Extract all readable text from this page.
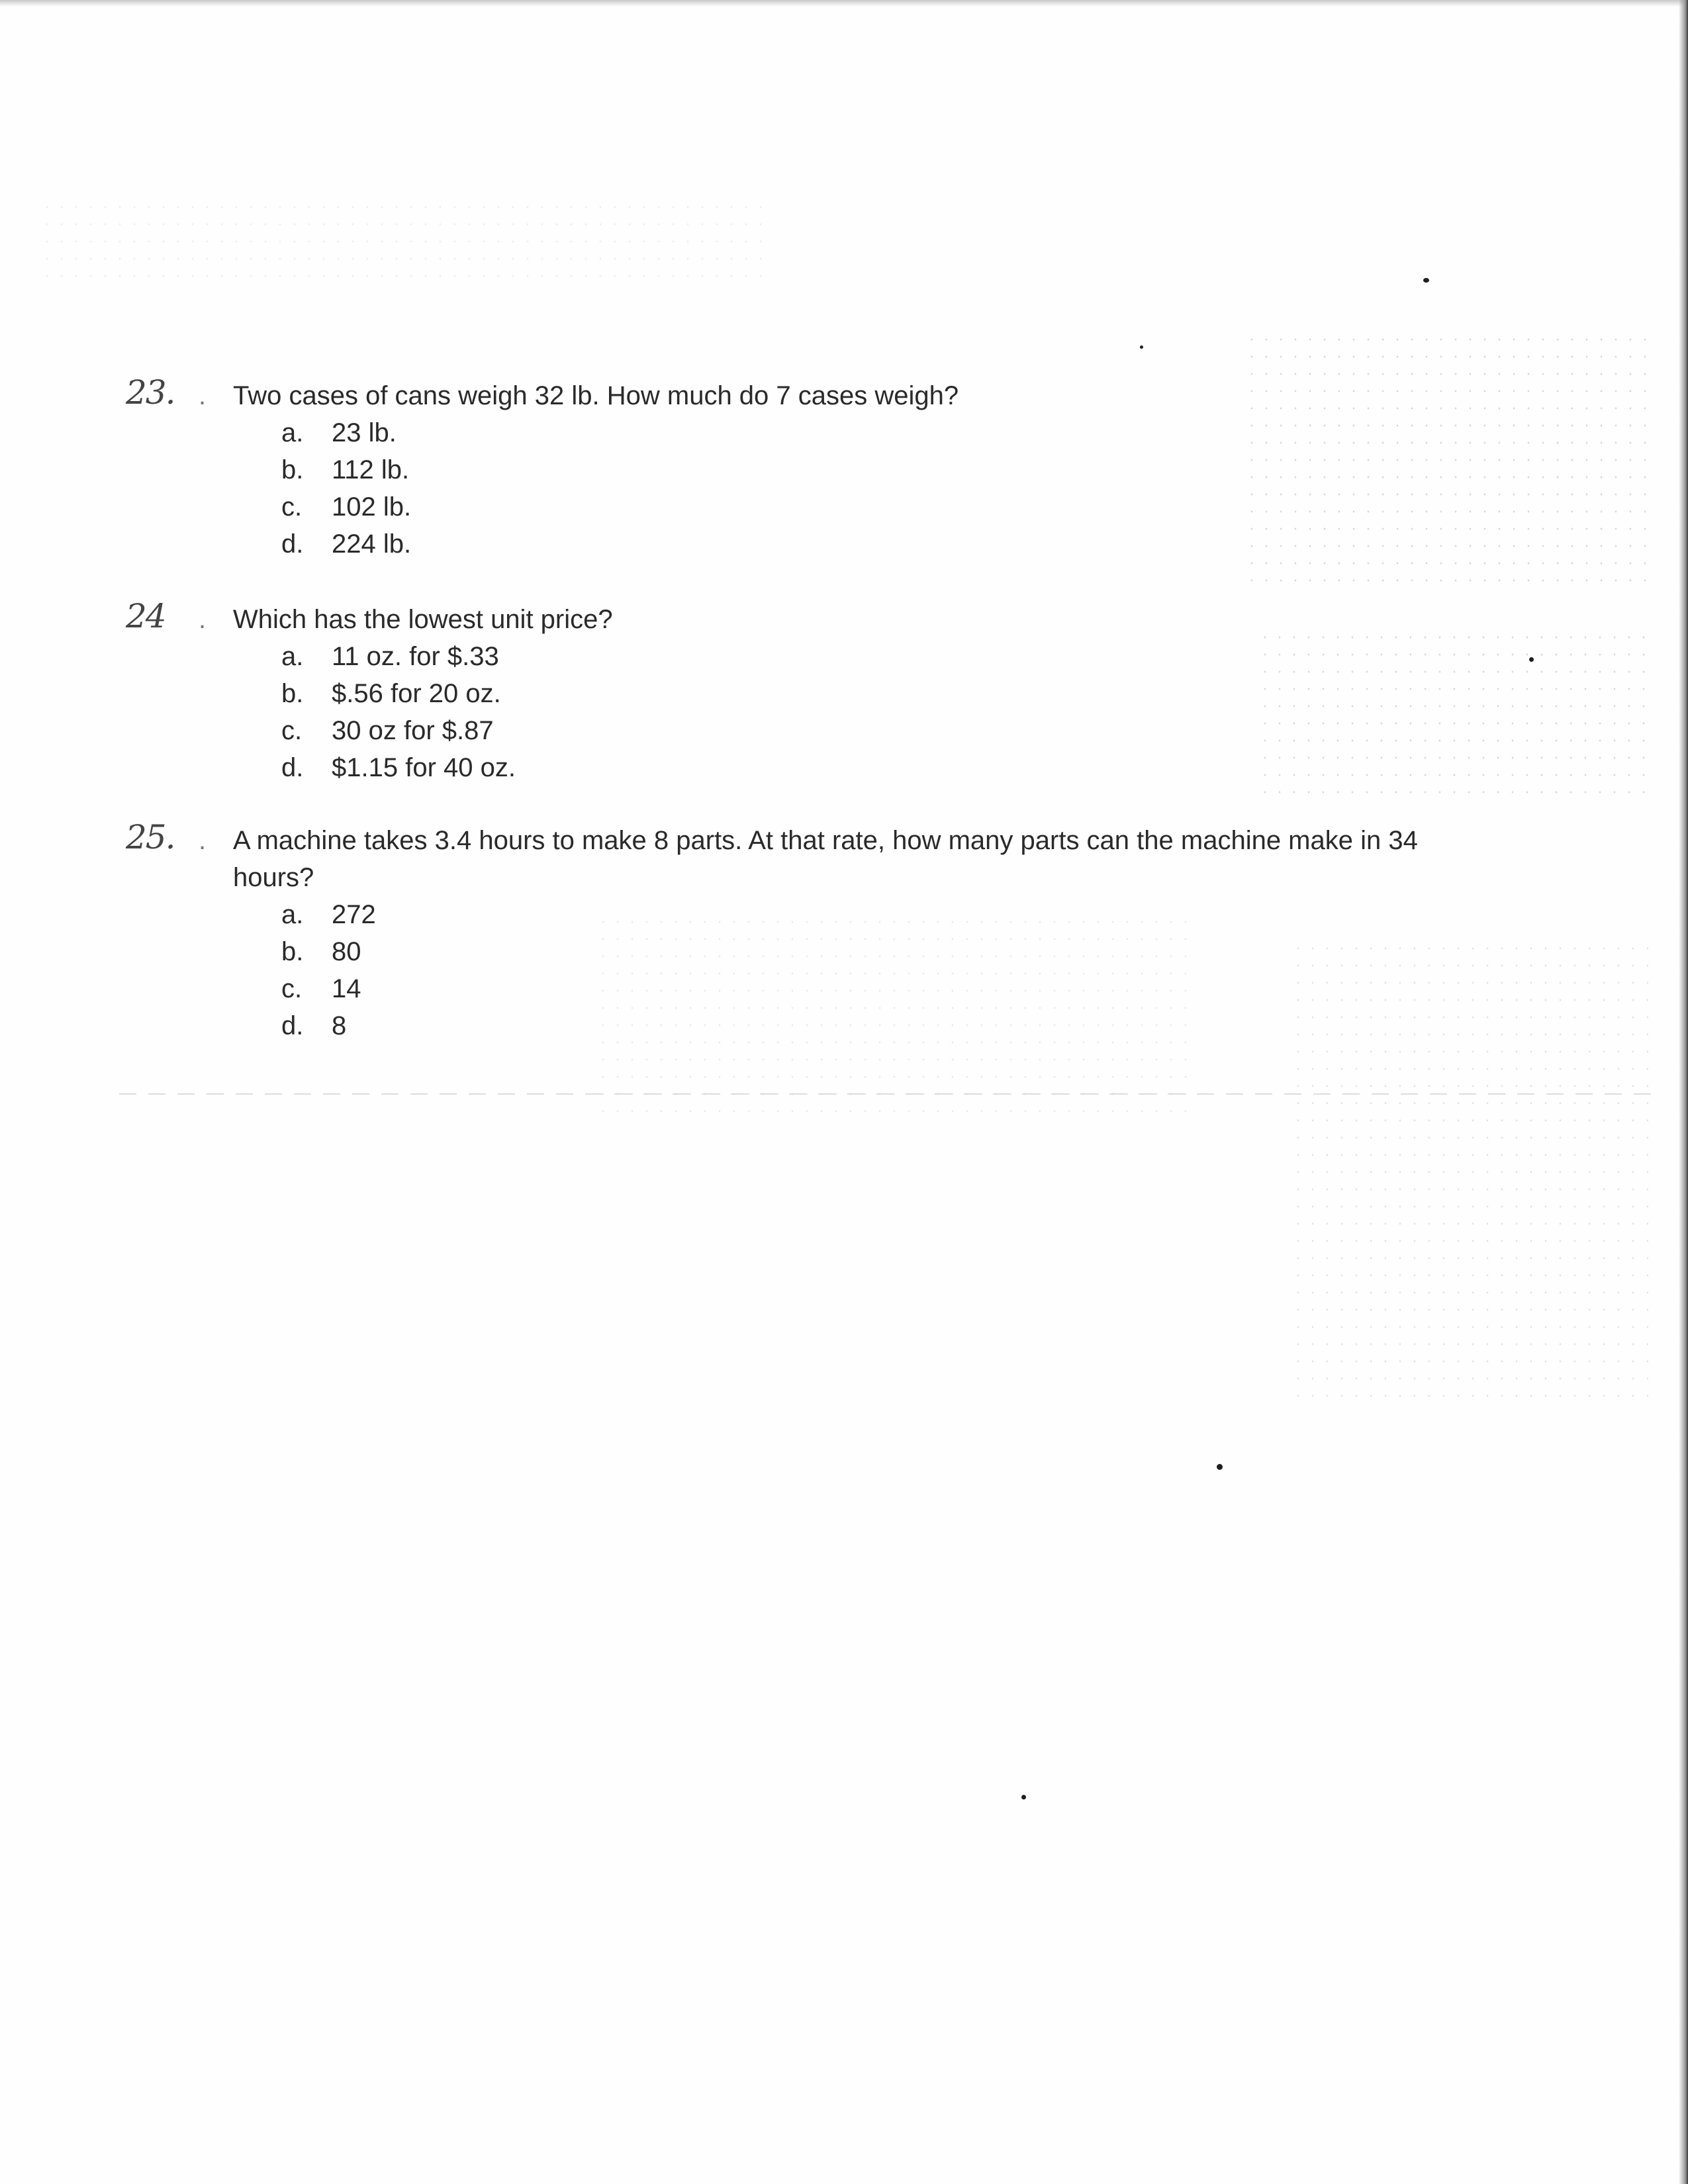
23. . Two cases of cans weigh 32 lb. How much do 7 cases weigh?
a.	23 lb.
b.	112 lb.
c.	102 lb.
d.	224 lb.
24 . Which has the lowest unit price?
a.	11 oz. for $.33
b.	$.56 for 20 oz.
c.	30 oz for $.87
d.	$1.15 for 40 oz.
25. . A machine takes 3.4 hours to make 8 parts. At that rate, how many parts can the machine make in 34 hours?
a.	272
b.	80
c.	14
d.	8
